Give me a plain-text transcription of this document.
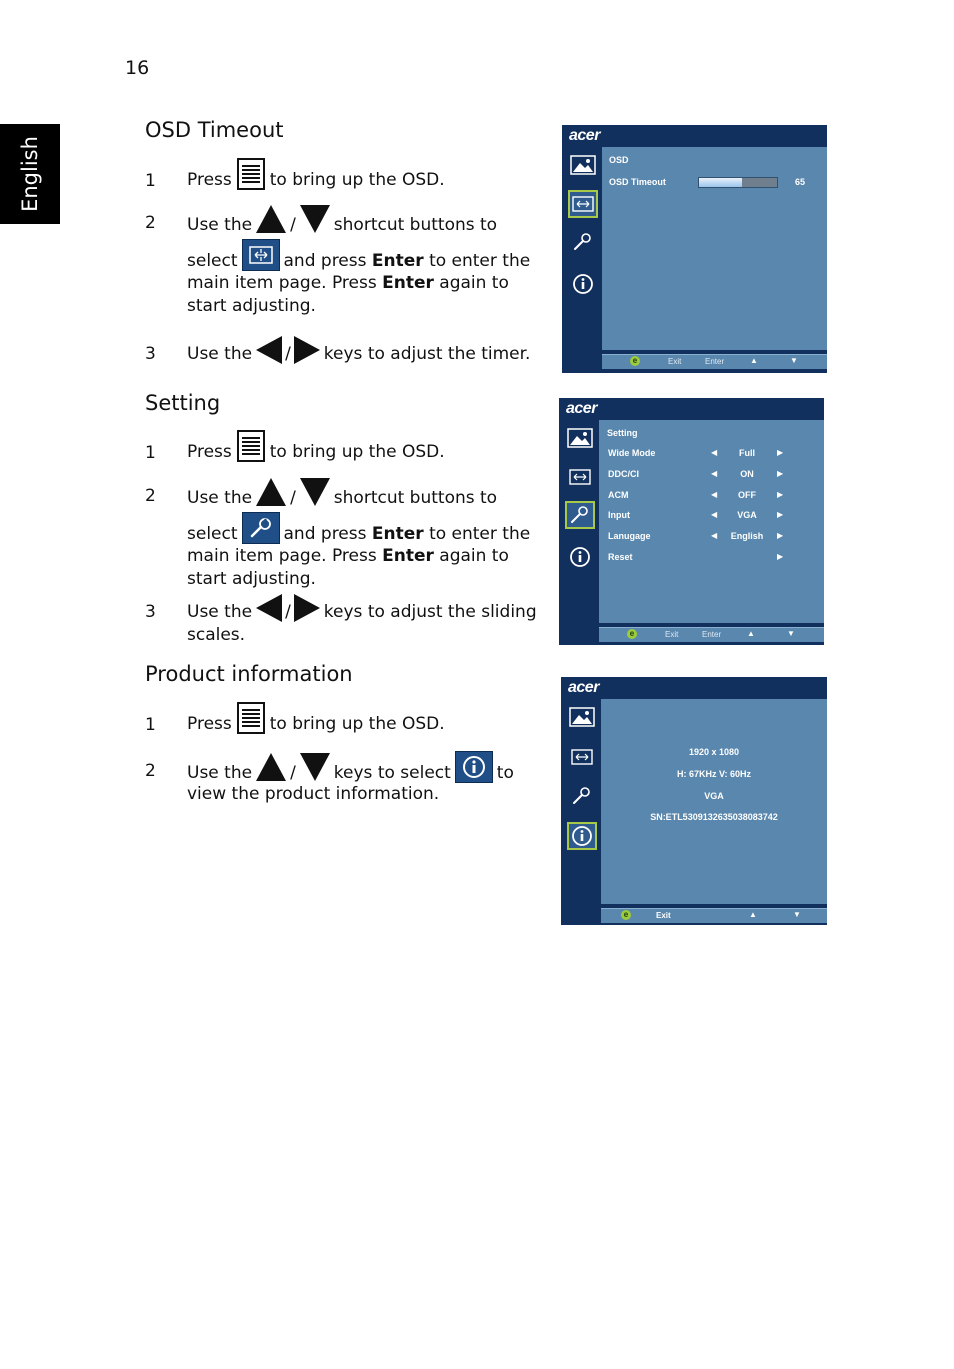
16
English
OSD Timeout
1 Press to bring up the OSD.
2 Use the / shortcut buttons to
select	and press
Enter
to enter the
main item page. Press
Enter
again to
start adjusting.
3 Use the / keys to adjust the timer.
Setting
1 Press to bring up the OSD.
2 Use the / shortcut buttons to
select	and press
Enter
to enter the
main item page. Press
Enter
again to
start adjusting.
3 Use the / keys to adjust the sliding
scales.
Product information
1 Press to bring up the OSD.
2 Use the / keys to select	to
view the product information.
acer
OSD
OSD Timeout	65
e	Exit	Enter	▲	▼
acer
Setting
Wide Mode	◀	Full	▶
DDC/CI	◀	ON	▶
ACM	◀	OFF	▶
Input	◀	VGA	▶
Lanugage	◀	English	▶
Reset	▶
e	Exit	Enter	▲	▼
acer
1920 x 1080
H: 67KHz V: 60Hz
VGA
SN:ETL5309132635038083742
e	Exit	▲	▼
